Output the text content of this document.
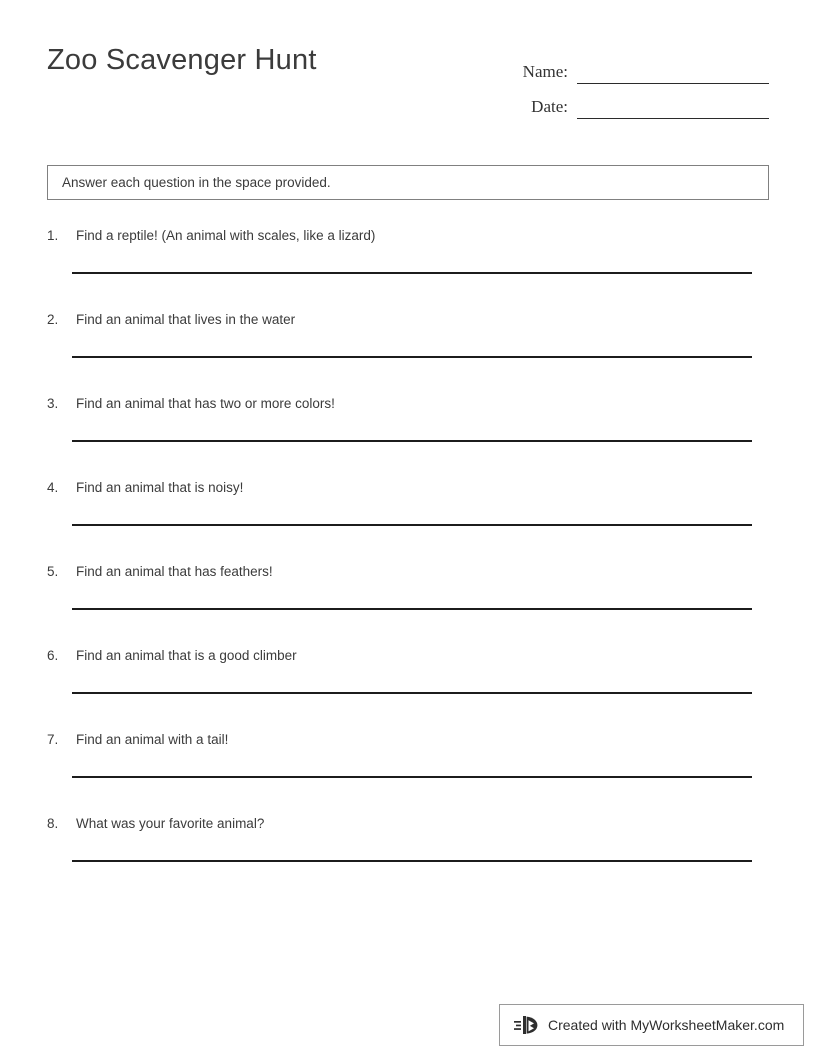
Zoo Scavenger Hunt	Name:
Date:
Answer each question in the space provided.
1.	Find a reptile! (An animal with scales, like a lizard)
2.	Find an animal that lives in the water
3.	Find an animal that has two or more colors!
4.	Find an animal that is noisy!
5.	Find an animal that has feathers!
6.	Find an animal that is a good climber
7.	Find an animal with a tail!
8.	What was your favorite animal?
Created with MyWorksheetMaker.com
